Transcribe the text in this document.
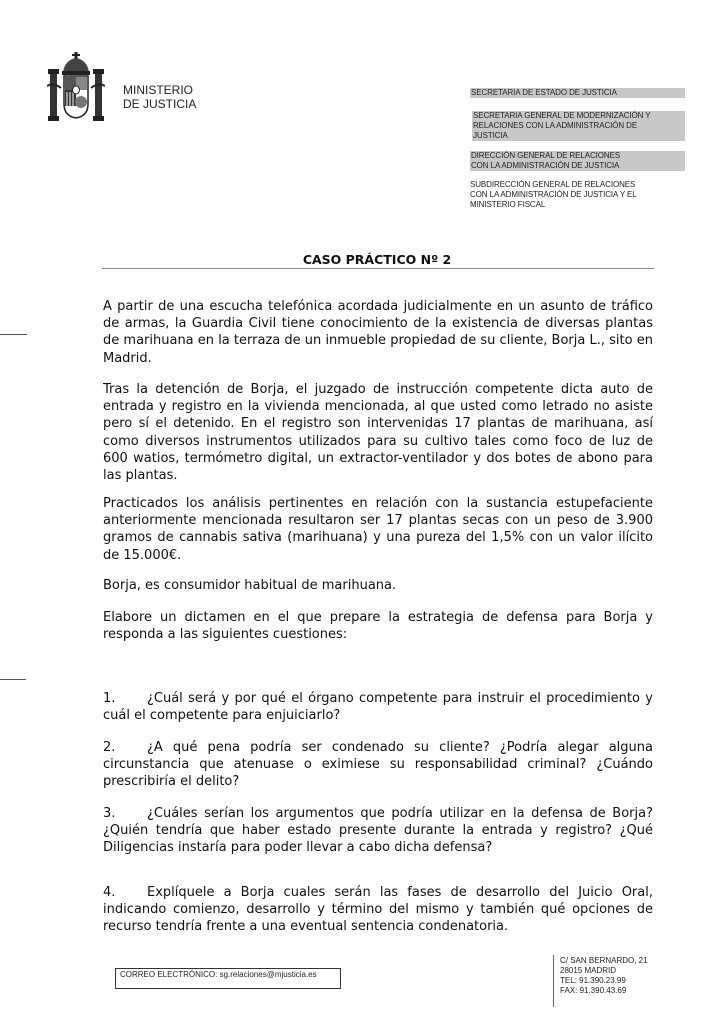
MINISTERIO
DE JUSTICIA
SECRETARIA DE ESTADO DE JUSTICIA
SECRETARIA GENERAL DE MODERNIZACIÓN Y
RELACIONES CON LA ADMINISTRACIÓN DE
JUSTICIA
DIRECCIÓN GENERAL DE RELACIONES
CON LA ADMINISTRACIÓN DE JUSTICIA
SUBDIRECCIÓN GENERAL DE RELACIONES
CON LA ADMINISTRACIÓN DE JUSTICIA Y EL
MINISTERIO FISCAL
CASO PRÁCTICO Nº 2
A partir de una escucha telefónica acordada judicialmente en un asunto de tráfico de armas, la Guardia Civil tiene conocimiento de la existencia de diversas plantas de marihuana en la terraza de un inmueble propiedad de su cliente, Borja L., sito en Madrid.
Tras la detención de Borja, el juzgado de instrucción competente dicta auto de entrada y registro en la vivienda mencionada, al que usted como letrado no asiste pero sí el detenido. En el registro son intervenidas 17 plantas de marihuana, así como diversos instrumentos utilizados para su cultivo tales como foco de luz de 600 watios, termómetro digital, un extractor-ventilador y dos botes de abono para las plantas.
Practicados los análisis pertinentes en relación con la sustancia estupefaciente anteriormente mencionada resultaron ser 17 plantas secas con un peso de 3.900 gramos de cannabis sativa (marihuana) y una pureza del 1,5% con un valor ilícito de 15.000€.
Borja, es consumidor habitual de marihuana.
Elabore un dictamen en el que prepare la estrategia de defensa para Borja y responda a las siguientes cuestiones:
1. ¿Cuál será y por qué el órgano competente para instruir el procedimiento y cuál el competente para enjuiciarlo?
2. ¿A qué pena podría ser condenado su cliente? ¿Podría alegar alguna circunstancia que atenuase o eximiese su responsabilidad criminal? ¿Cuándo prescribiría el delito?
3. ¿Cuáles serían los argumentos que podría utilizar en la defensa de Borja? ¿Quién tendría que haber estado presente durante la entrada y registro? ¿Qué Diligencias instaría para poder llevar a cabo dicha defensa?
4. Explíquele a Borja cuales serán las fases de desarrollo del Juicio Oral, indicando comienzo, desarrollo y término del mismo y también qué opciones de recurso tendría frente a una eventual sentencia condenatoria.
CORREO ELECTRÓNICO: sg.relaciones@mjusticia.es
C/ SAN BERNARDO, 21
28015 MADRID
TEL: 91.390.23.99
FAX: 91.390.43.69
